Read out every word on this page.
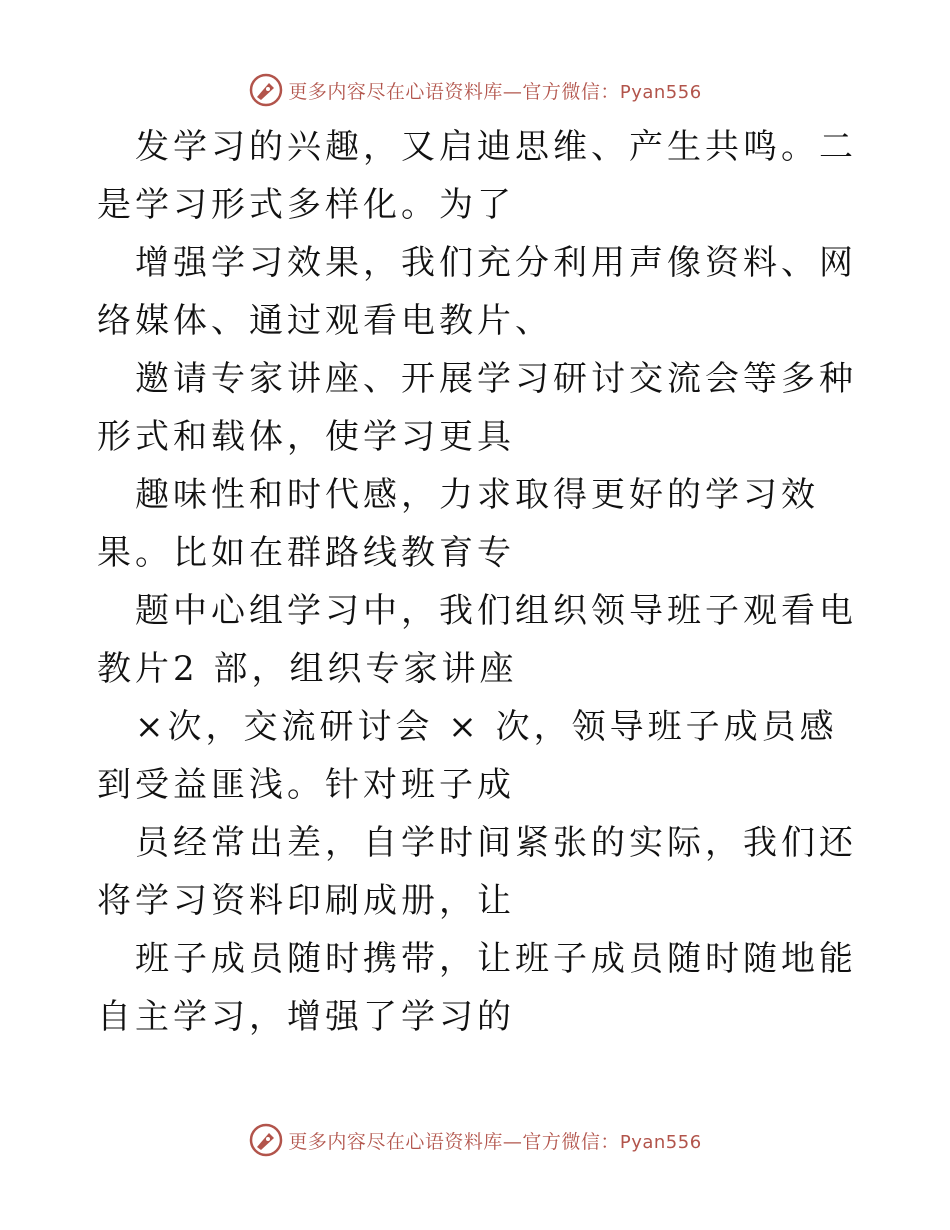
更多内容尽在心语资料库—官方微信：Pyan556

发学习的兴趣，又启迪思维、产生共鸣。二是学习形式多样化。为了

增强学习效果，我们充分利用声像资料、网络媒体、通过观看电教片、

邀请专家讲座、开展学习研讨交流会等多种形式和载体，使学习更具

趣味性和时代感，力求取得更好的学习效果。比如在群路线教育专

题中心组学习中，我们组织领导班子观看电教片2 部，组织专家讲座

×次，交流研讨会 × 次，领导班子成员感到受益匪浅。针对班子成

员经常出差，自学时间紧张的实际，我们还将学习资料印刷成册，让

班子成员随时携带，让班子成员随时随地能自主学习，增强了学习的

更多内容尽在心语资料库—官方微信：Pyan556
